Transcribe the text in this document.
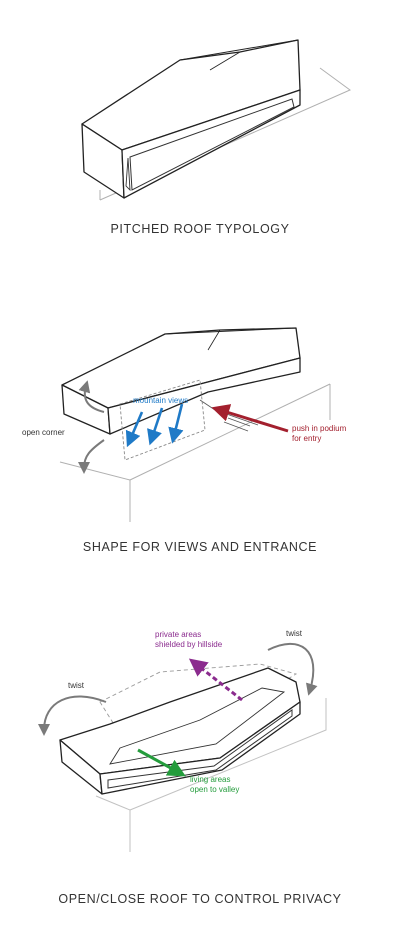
PITCHED ROOF TYPOLOGY
mountain views
open corner	push in podium
for entry
SHAPE FOR VIEWS AND ENTRANCE
private areas
shielded by hillside
twist
twist
living areas
open to valley
OPEN/CLOSE ROOF TO CONTROL PRIVACY
